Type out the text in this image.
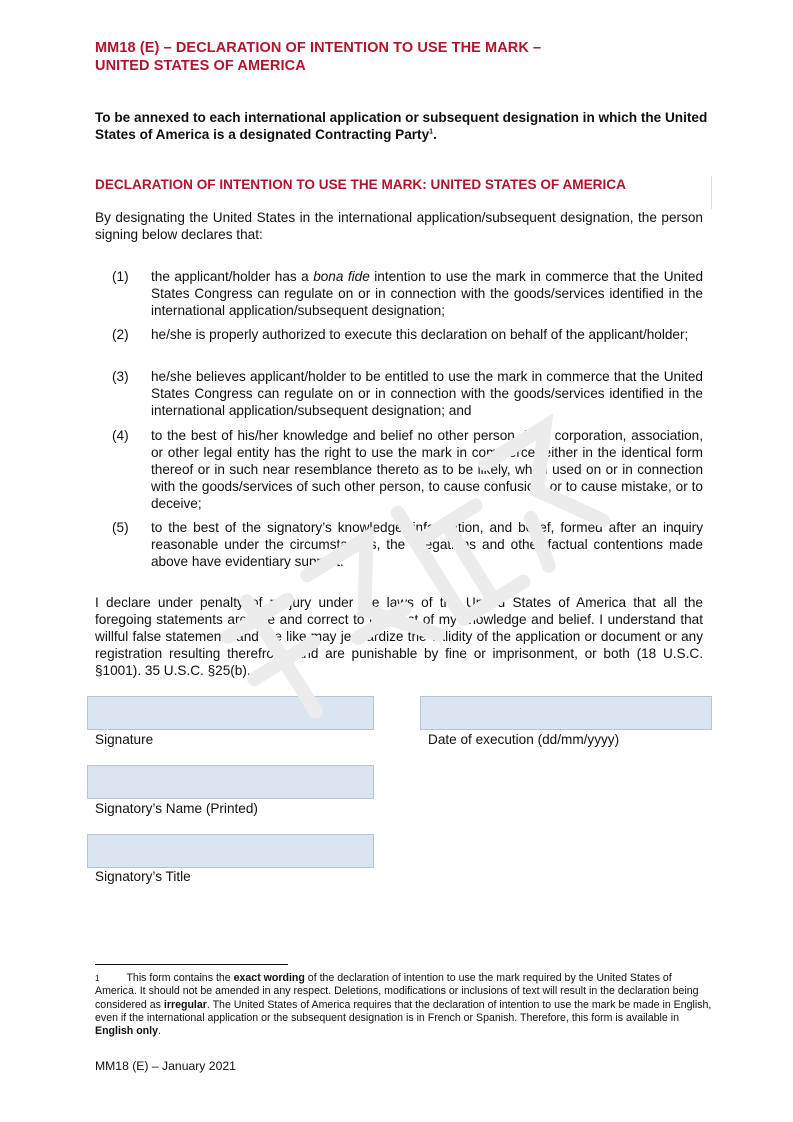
MM18 (E) – DECLARATION OF INTENTION TO USE THE MARK –
UNITED STATES OF AMERICA
To be annexed to each international application or subsequent designation in which the United States of America is a designated Contracting Party$^1$.
DECLARATION OF INTENTION TO USE THE MARK: UNITED STATES OF AMERICA
By designating the United States in the international application/subsequent designation, the person signing below declares that:
(1) the applicant/holder has a bona fide intention to use the mark in commerce that the United States Congress can regulate on or in connection with the goods/services identified in the international application/subsequent designation;
(2) he/she is properly authorized to execute this declaration on behalf of the applicant/holder;
(3) he/she believes applicant/holder to be entitled to use the mark in commerce that the United States Congress can regulate on or in connection with the goods/services identified in the international application/subsequent designation; and
(4) to the best of his/her knowledge and belief no other person, firm, corporation, association, or other legal entity has the right to use the mark in commerce, either in the identical form thereof or in such near resemblance thereto as to be likely, when used on or in connection with the goods/services of such other person, to cause confusion, or to cause mistake, or to deceive;
(5) to the best of the signatory’s knowledge, information, and belief, formed after an inquiry reasonable under the circumstances, the allegations and other factual contentions made above have evidentiary support.
I declare under penalty of perjury under the laws of the United States of America that all the foregoing statements are true and correct to the best of my knowledge and belief. I understand that willful false statements and the like may jeopardize the validity of the application or document or any registration resulting therefrom, and are punishable by fine or imprisonment, or both (18 U.S.C. §1001). 35 U.S.C. §25(b).
Signature	Date of execution (dd/mm/yyyy)
Signatory’s Name (Printed)
Signatory’s Title
$^1$	This form contains the exact wording of the declaration of intention to use the mark required by the United States of America. It should not be amended in any respect. Deletions, modifications or inclusions of text will result in the declaration being considered as irregular. The United States of America requires that the declaration of intention to use the mark be made in English, even if the international application or the subsequent designation is in French or Spanish. Therefore, this form is available in English only.
MM18 (E) – January 2021
